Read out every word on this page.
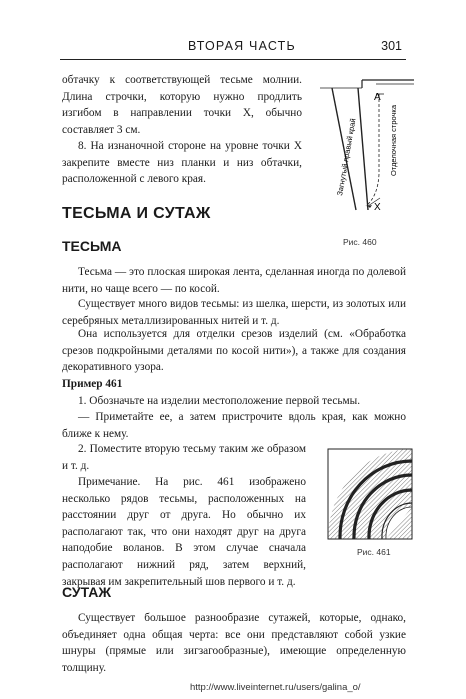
ВТОРАЯ ЧАСТЬ	301

обтачку к соответствующей тесьме молнии. Длина строчки, которую нужно продлить изгибом в направлении точки X, обычно составляет 3 см.

8. На изнаночной стороне на уровне точки X закрепите вместе низ планки и низ обтачки, расположенной с левого края.

A
X
Загнутый правый край	Отделочная строчка
Рис. 460
ТЕСЬМА И СУТАЖ
ТЕСЬМА

Тесьма — это плоская широкая лента, сделанная иногда по долевой нити, но чаще всего — по косой.

Существует много видов тесьмы: из шелка, шерсти, из золотых или серебряных металлизированных нитей и т. д.

Она используется для отделки срезов изделий (см. «Обработка срезов подкройными деталями по косой нити»), а также для создания декоративного узора.

Пример 461

1. Обозначьте на изделии местоположение первой тесьмы.

— Приметайте ее, а затем пристрочите вдоль края, как можно ближе к нему.

2. Поместите вторую тесьму таким же образом и т. д.

Примечание. На рис. 461 изображено несколько рядов тесьмы, расположенных на расстоянии друг от друга. Но обычно их располагают так, что они находят друг на друга наподобие воланов. В этом случае сначала располагают нижний ряд, затем верхний, закрывая им закрепительный шов первого и т. д.

Рис. 461
СУТАЖ

Существует большое разнообразие сутажей, которые, однако, объединяет одна общая черта: все они представляют собой узкие шнуры (прямые или зигзагообразные), имеющие определенную толщину.

http://www.liveinternet.ru/users/galina_o/
